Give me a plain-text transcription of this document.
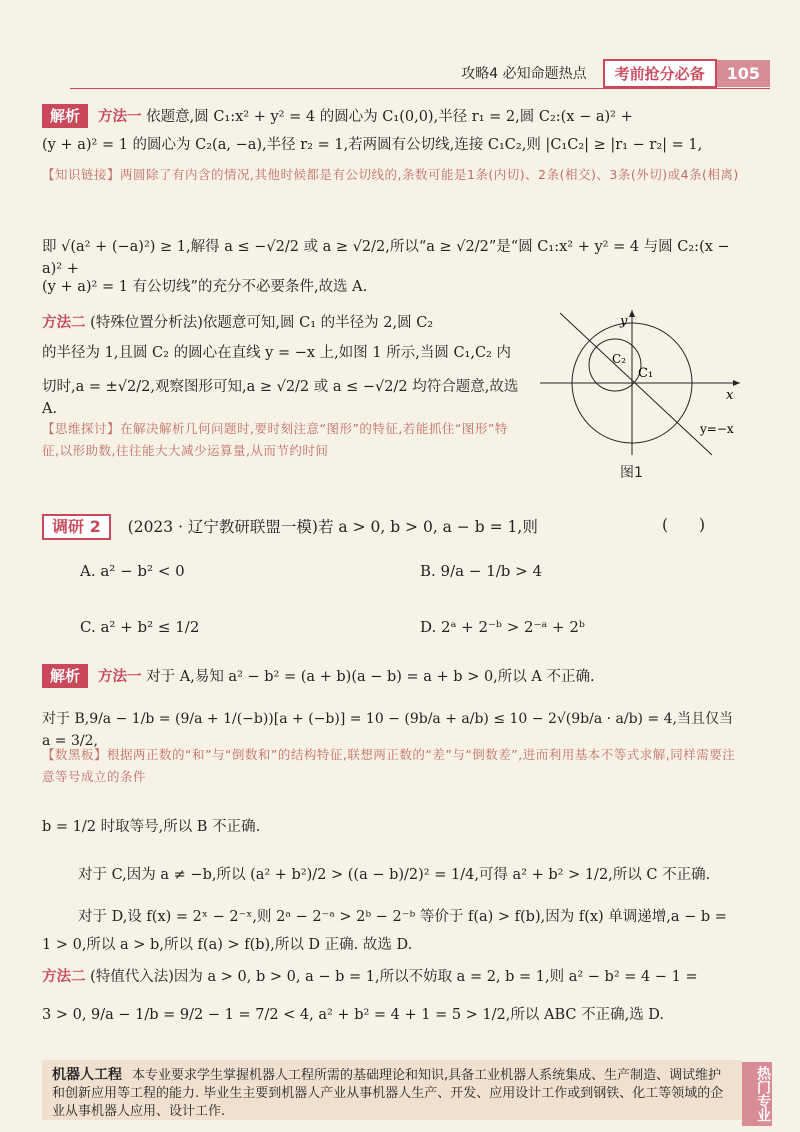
攻略4 必知命题热点	考前抢分必备	105
解析 方法一 依题意,圆 C₁:x² + y² = 4 的圆心为 C₁(0,0),半径 r₁ = 2,圆 C₂:(x − a)² +
(y + a)² = 1 的圆心为 C₂(a, −a),半径 r₂ = 1,若两圆有公切线,连接 C₁C₂,则 |C₁C₂| ≥ |r₁ − r₂| = 1,
【知识链接】两圆除了有内含的情况,其他时候都是有公切线的,条数可能是1条(内切)、2条(相交)、3条(外切)或4条(相离)
即 √(a² + (−a)²) ≥ 1,解得 a ≤ −√2/2 或 a ≥ √2/2,所以“a ≥ √2/2”是“圆 C₁:x² + y² = 4 与圆 C₂:(x − a)² +
(y + a)² = 1 有公切线”的充分不必要条件,故选 A.
方法二 (特殊位置分析法)依题意可知,圆 C₁ 的半径为 2,圆 C₂
的半径为 1,且圆 C₂ 的圆心在直线 y = −x 上,如图 1 所示,当圆 C₁,C₂ 内
切时,a = ±√2/2,观察图形可知,a ≥ √2/2 或 a ≤ −√2/2 均符合题意,故选 A.
【思维探讨】在解决解析几何问题时,要时刻注意“图形”的特征,若能抓住“图形”特征,以形助数,往往能大大减少运算量,从而节约时间
y
x
C₁
C₂
y=−x
图1
调研 2 (2023 · 辽宁教研联盟一模)若 a > 0, b > 0, a − b = 1,则	(　　)
A. a² − b² < 0	B. 9/a − 1/b > 4
C. a² + b² ≤ 1/2	D. 2ᵃ + 2⁻ᵇ > 2⁻ᵃ + 2ᵇ
解析 方法一 对于 A,易知 a² − b² = (a + b)(a − b) = a + b > 0,所以 A 不正确.
对于 B,9/a − 1/b = (9/a + 1/(−b))[a + (−b)] = 10 − (9b/a + a/b) ≤ 10 − 2√(9b/a · a/b) = 4,当且仅当 a = 3/2,
【数黑板】根据两正数的“和”与“倒数和”的结构特征,联想两正数的“差”与“倒数差”,进而利用基本不等式求解,同样需要注意等号成立的条件
b = 1/2 时取等号,所以 B 不正确.
对于 C,因为 a ≠ −b,所以 (a² + b²)/2 > ((a − b)/2)² = 1/4,可得 a² + b² > 1/2,所以 C 不正确.
对于 D,设 f(x) = 2ˣ − 2⁻ˣ,则 2ᵃ − 2⁻ᵃ > 2ᵇ − 2⁻ᵇ 等价于 f(a) > f(b),因为 f(x) 单调递增,a − b =
1 > 0,所以 a > b,所以 f(a) > f(b),所以 D 正确. 故选 D.
方法二 (特值代入法)因为 a > 0, b > 0, a − b = 1,所以不妨取 a = 2, b = 1,则 a² − b² = 4 − 1 =
3 > 0, 9/a − 1/b = 9/2 − 1 = 7/2 < 4, a² + b² = 4 + 1 = 5 > 1/2,所以 ABC 不正确,选 D.
机器人工程 本专业要求学生掌握机器人工程所需的基础理论和知识,具备工业机器人系统集成、生产制造、调试维护和创新应用等工程的能力. 毕业生主要到机器人产业从事机器人生产、开发、应用设计工作或到钢铁、化工等领域的企业从事机器人应用、设计工作.	热门专业
